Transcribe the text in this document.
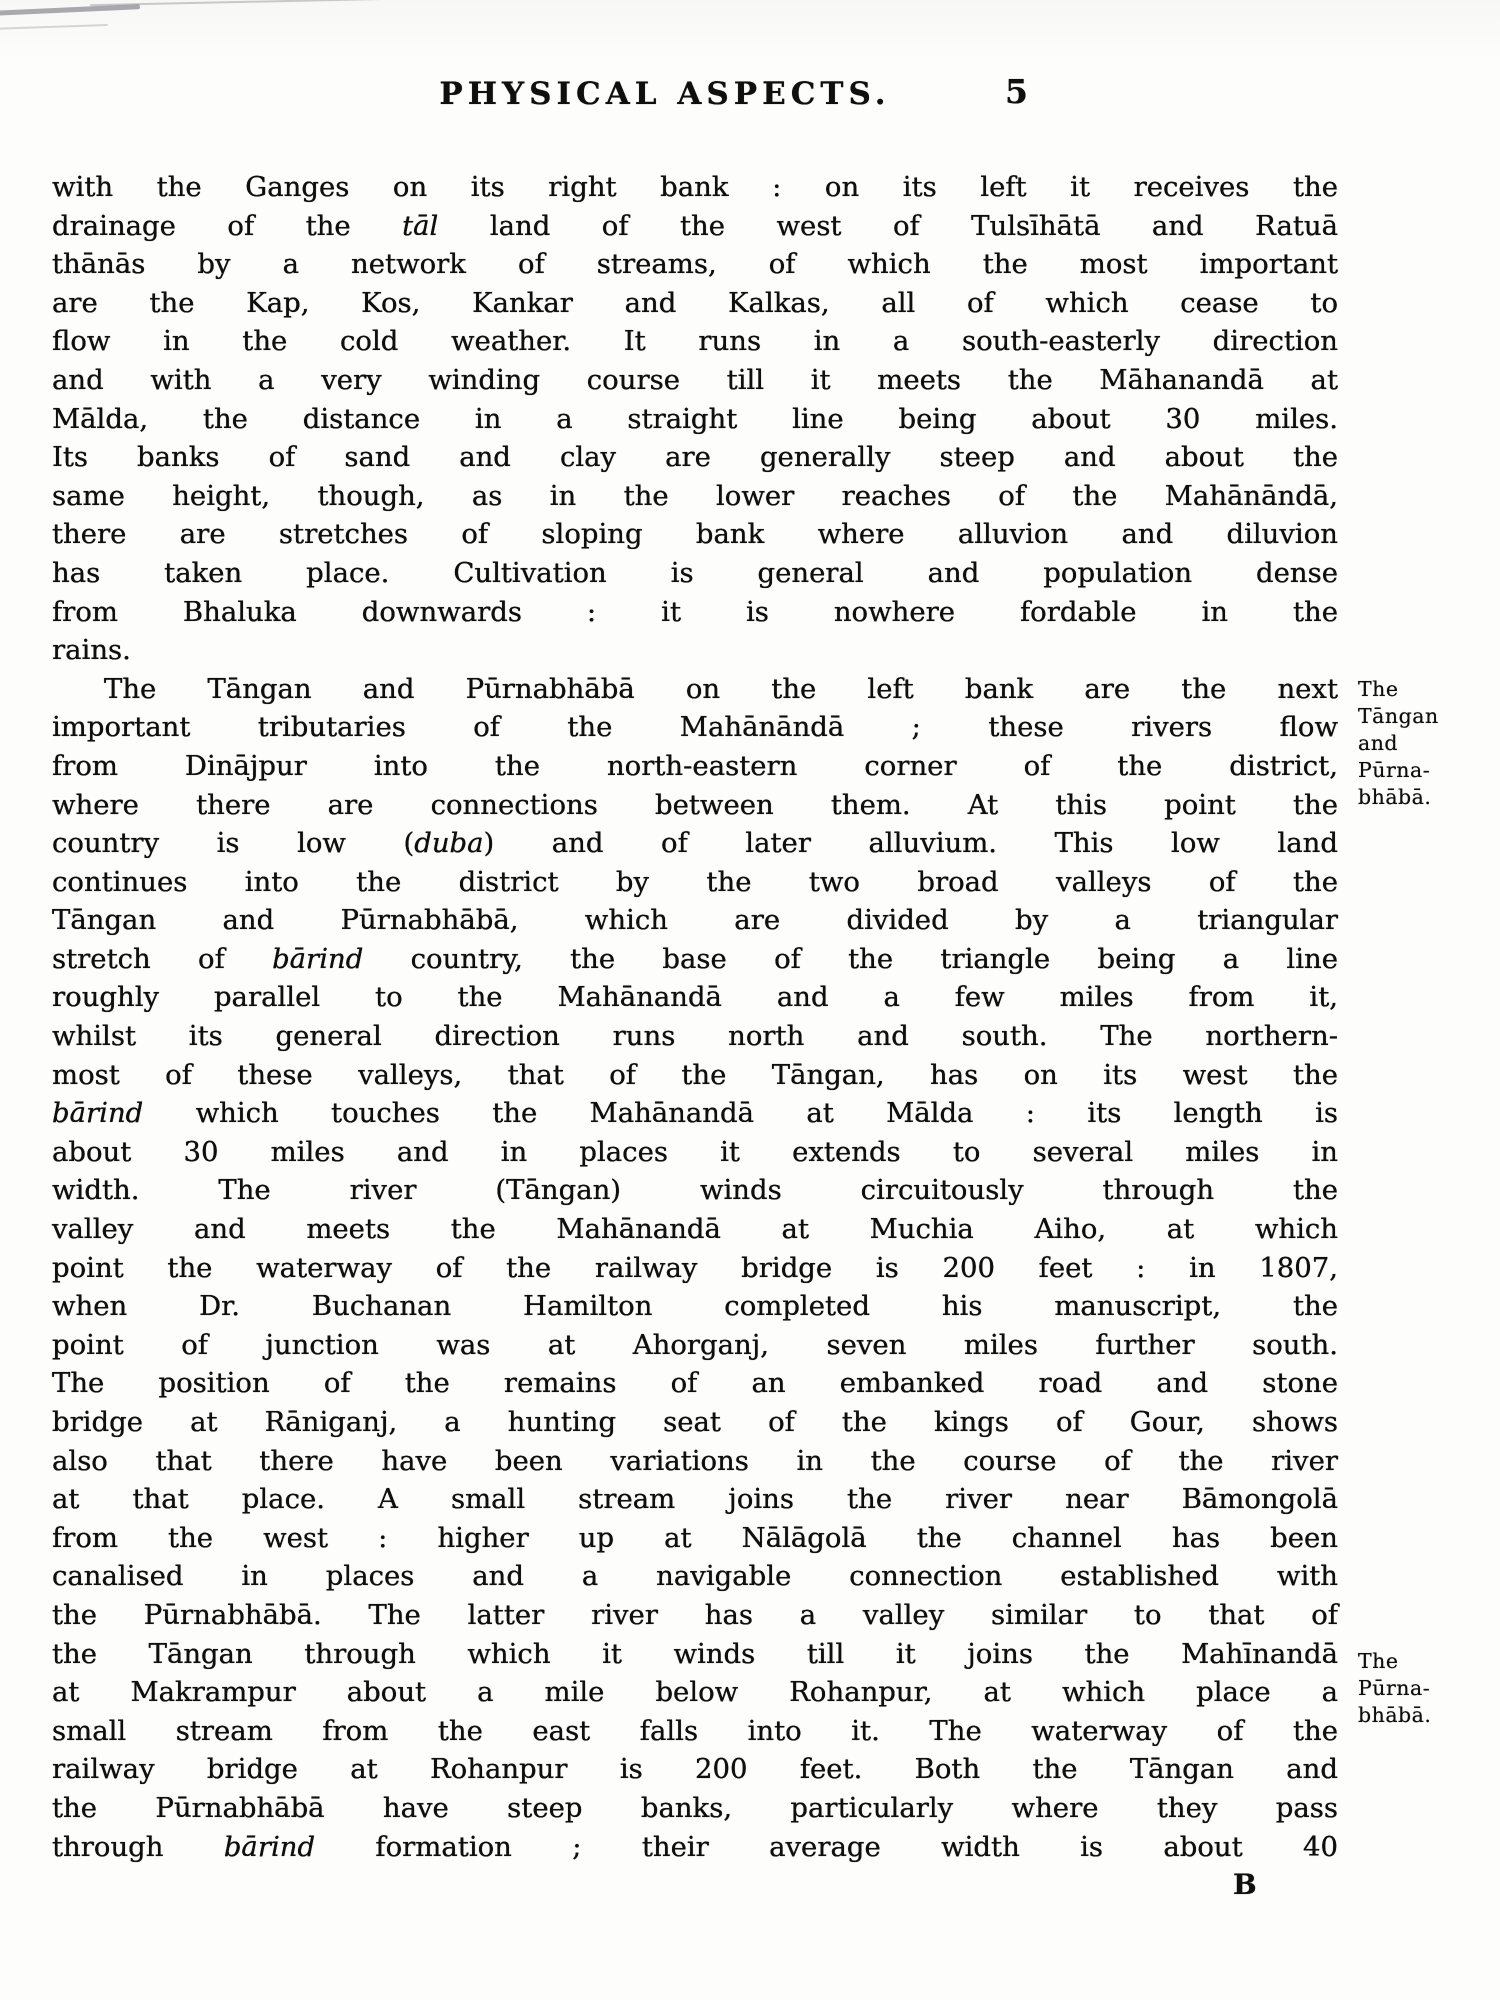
PHYSICAL ASPECTS.	5
with the Ganges on its right bank : on its left it receives the
drainage of the tāl land of the west of Tulsīhātā and Ratuā
thānās by a network of streams, of which the most important
are the Kap, Kos, Kankar and Kalkas, all of which cease to
flow in the cold weather. It runs in a south-easterly direction
and with a very winding course till it meets the Māhanandā at
Mālda, the distance in a straight line being about 30 miles.
Its banks of sand and clay are generally steep and about the
same height, though, as in the lower reaches of the Mahānāndā,
there are stretches of sloping bank where alluvion and diluvion
has taken place. Cultivation is general and population dense
from Bhaluka downwards : it is nowhere fordable in the
rains.
The Tāngan and Pūrnabhābā on the left bank are the next
important tributaries of the Mahānāndā ; these rivers flow
from Dinājpur into the north-eastern corner of the district,
where there are connections between them. At this point the
country is low (duba) and of later alluvium. This low land
continues into the district by the two broad valleys of the
Tāngan and Pūrnabhābā, which are divided by a triangular
stretch of bārind country, the base of the triangle being a line
roughly parallel to the Mahānandā and a few miles from it,
whilst its general direction runs north and south. The northern-
most of these valleys, that of the Tāngan, has on its west the
bārind which touches the Mahānandā at Mālda : its length is
about 30 miles and in places it extends to several miles in
width. The river (Tāngan) winds circuitously through the
valley and meets the Mahānandā at Muchia Aiho, at which
point the waterway of the railway bridge is 200 feet : in 1807,
when Dr. Buchanan Hamilton completed his manuscript, the
point of junction was at Ahorganj, seven miles further south.
The position of the remains of an embanked road and stone
bridge at Rāniganj, a hunting seat of the kings of Gour, shows
also that there have been variations in the course of the river
at that place. A small stream joins the river near Bāmongolā
from the west : higher up at Nālāgolā the channel has been
canalised in places and a navigable connection established with
the Pūrnabhābā. The latter river has a valley similar to that of
the Tāngan through which it winds till it joins the Mahīnandā
at Makrampur about a mile below Rohanpur, at which place a
small stream from the east falls into it. The waterway of the
railway bridge at Rohanpur is 200 feet. Both the Tāngan and
the Pūrnabhābā have steep banks, particularly where they pass
through bārind formation ; their average width is about 40
The
Tāngan
and
Pūrna-
bhābā.
The
Pūrna-
bhābā.
B
